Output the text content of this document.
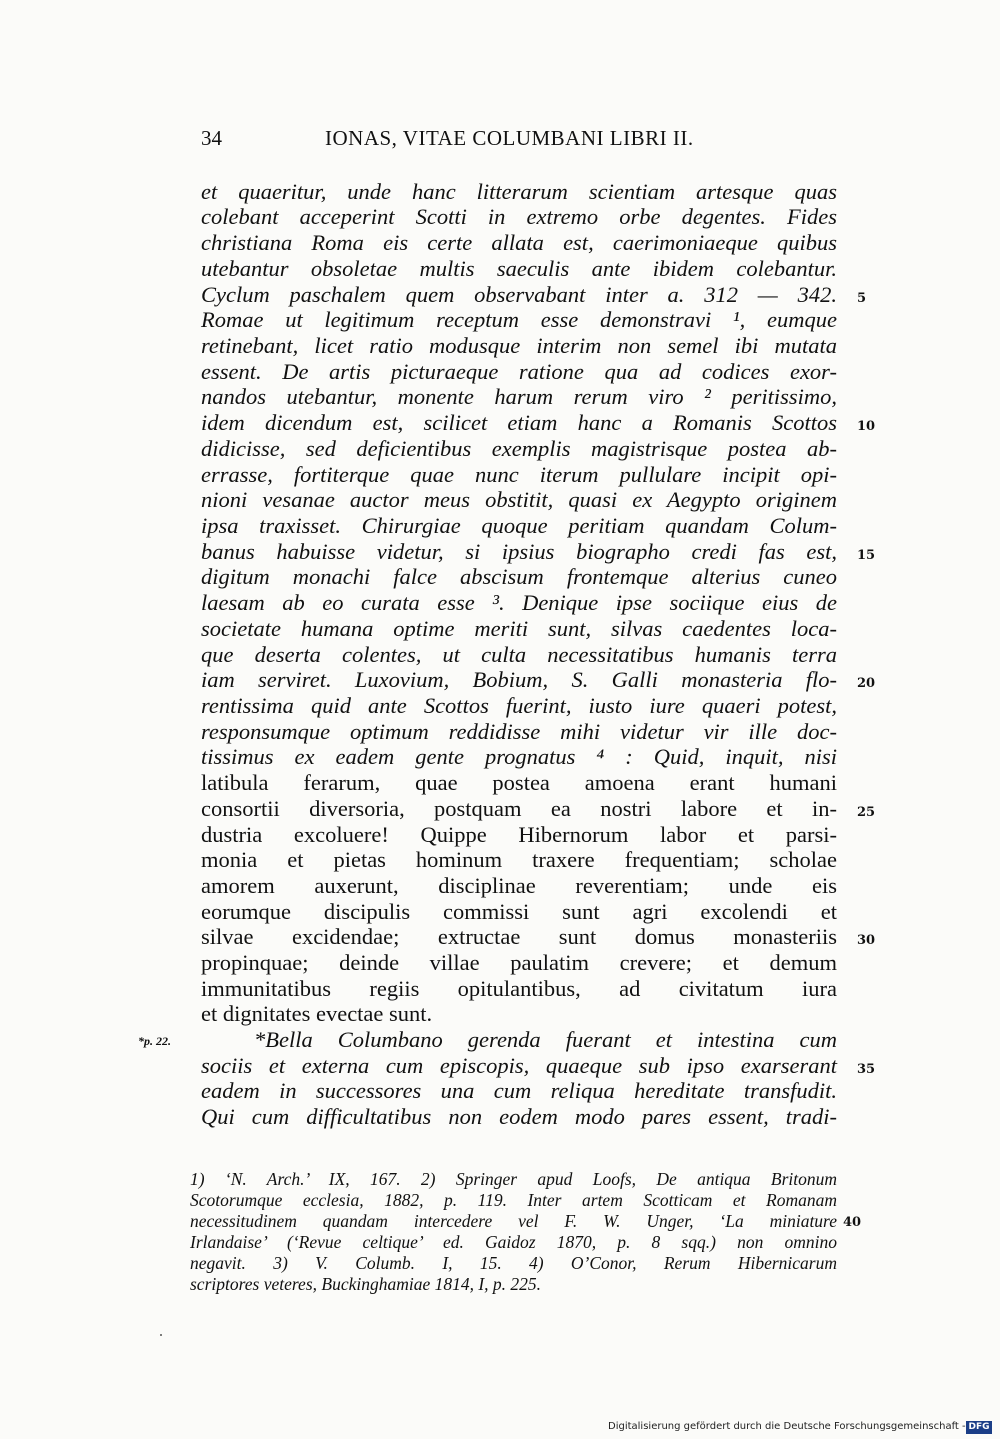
34	IONAS, VITAE COLUMBANI LIBRI II.
et quaeritur, unde hanc litterarum scientiam artesque quas
colebant acceperint Scotti in extremo orbe degentes. Fides
christiana Roma eis certe allata est, caerimoniaeque quibus
utebantur obsoletae multis saeculis ante ibidem colebantur.
Cyclum paschalem quem observabant inter a. 312 — 342.
Romae ut legitimum receptum esse demonstravi ¹, eumque
retinebant, licet ratio modusque interim non semel ibi mutata
essent. De artis picturaeque ratione qua ad codices exor-
nandos utebantur, monente harum rerum viro ² peritissimo,
idem dicendum est, scilicet etiam hanc a Romanis Scottos
didicisse, sed deficientibus exemplis magistrisque postea ab-
errasse, fortiterque quae nunc iterum pullulare incipit opi-
nioni vesanae auctor meus obstitit, quasi ex Aegypto originem
ipsa traxisset. Chirurgiae quoque peritiam quandam Colum-
banus habuisse videtur, si ipsius biographo credi fas est,
digitum monachi falce abscisum frontemque alterius cuneo
laesam ab eo curata esse ³. Denique ipse sociique eius de
societate humana optime meriti sunt, silvas caedentes loca-
que deserta colentes, ut culta necessitatibus humanis terra
iam serviret. Luxovium, Bobium, S. Galli monasteria flo-
rentissima quid ante Scottos fuerint, iusto iure quaeri potest,
responsumque optimum reddidisse mihi videtur vir ille doc-
tissimus ex eadem gente prognatus ⁴ : Quid, inquit, nisi
latibula ferarum, quae postea amoena erant humani
consortii diversoria, postquam ea nostri labore et in-
dustria excoluere! Quippe Hibernorum labor et parsi-
monia et pietas hominum traxere frequentiam; scholae
amorem auxerunt, disciplinae reverentiam; unde eis
eorumque discipulis commissi sunt agri excolendi et
silvae excidendae; extructae sunt domus monasteriis
propinquae; deinde villae paulatim crevere; et demum
immunitatibus regiis opitulantibus, ad civitatum iura
et dignitates evectae sunt.
*Bella Columbano gerenda fuerant et intestina cum
sociis et externa cum episcopis, quaeque sub ipso exarserant
eadem in successores una cum reliqua hereditate transfudit.
Qui cum difficultatibus non eodem modo pares essent, tradi-
5
10
15
20
25
30
35
*p. 22.
1) ‘N. Arch.’ IX, 167. 2) Springer apud Loofs, De antiqua Britonum
Scotorumque ecclesia, 1882, p. 119. Inter artem Scotticam et Romanam
necessitudinem quandam intercedere vel F. W. Unger, ‘La miniature
Irlandaise’ (‘Revue celtique’ ed. Gaidoz 1870, p. 8 sqq.) non omnino
negavit. 3) V. Columb. I, 15. 4) O’Conor, Rerum Hibernicarum
scriptores veteres, Buckinghamiae 1814, I, p. 225.
40
Digitalisierung gefördert durch die Deutsche Forschungsgemeinschaft - DFG
